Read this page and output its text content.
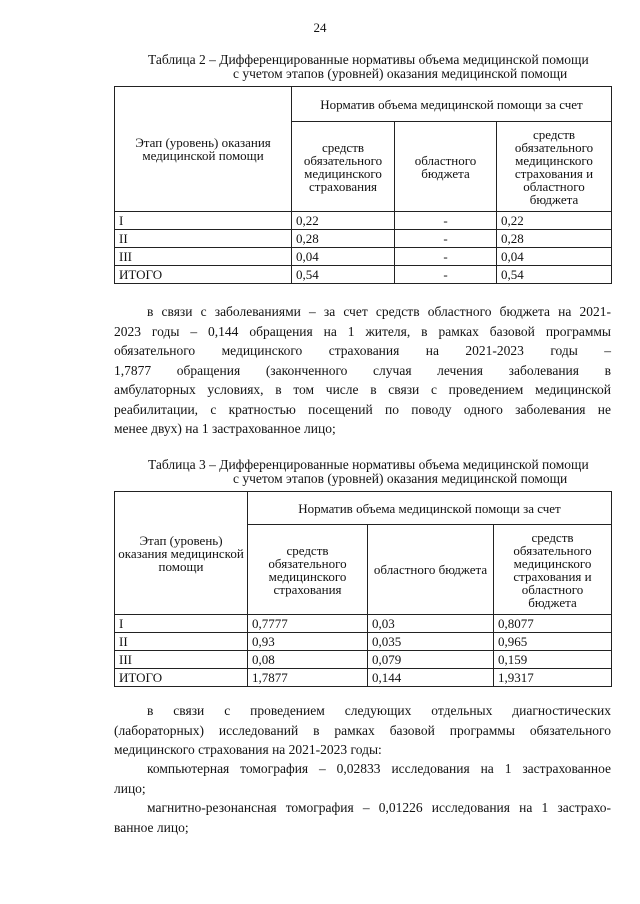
24
Таблица 2 – Дифференцированные нормативы объема медицинской помощи
с учетом этапов (уровней) оказания медицинской помощи
Этап (уровень) оказания медицинской помощи	Норматив объема медицинской помощи за счет		
	средств обязательного медицинского страхования	областного бюджета	средств обязательного медицинского страхования и областного бюджета
I	0,22	-	0,22
II	0,28	-	0,28
III	0,04	-	0,04
ИТОГО	0,54	-	0,54

в связи с заболеваниями – за счет средств областного бюджета на 2021-

2023 годы – 0,144 обращения на 1 жителя, в рамках базовой программы

обязательного медицинского страхования на 2021-2023 годы –

1,7877 обращения (законченного случая лечения заболевания в

амбулаторных условиях, в том числе в связи с проведением медицинской

реабилитации, с кратностью посещений по поводу одного заболевания не

менее двух) на 1 застрахованное лицо;

Таблица 3 – Дифференцированные нормативы объема медицинской помощи
с учетом этапов (уровней) оказания медицинской помощи
Этап (уровень) оказания медицинской помощи	Норматив объема медицинской помощи за счет		
	средств обязательного медицинского страхования	областного бюджета	средств обязательного медицинского страхования и областного бюджета
I	0,7777	0,03	0,8077
II	0,93	0,035	0,965
III	0,08	0,079	0,159
ИТОГО	1,7877	0,144	1,9317

в связи с проведением следующих отдельных диагностических

(лабораторных) исследований в рамках базовой программы обязательного

медицинского страхования на 2021-2023 годы:

компьютерная томография – 0,02833 исследования на 1 застрахованное

лицо;

магнитно-резонансная томография – 0,01226 исследования на 1 застрахо-

ванное лицо;
